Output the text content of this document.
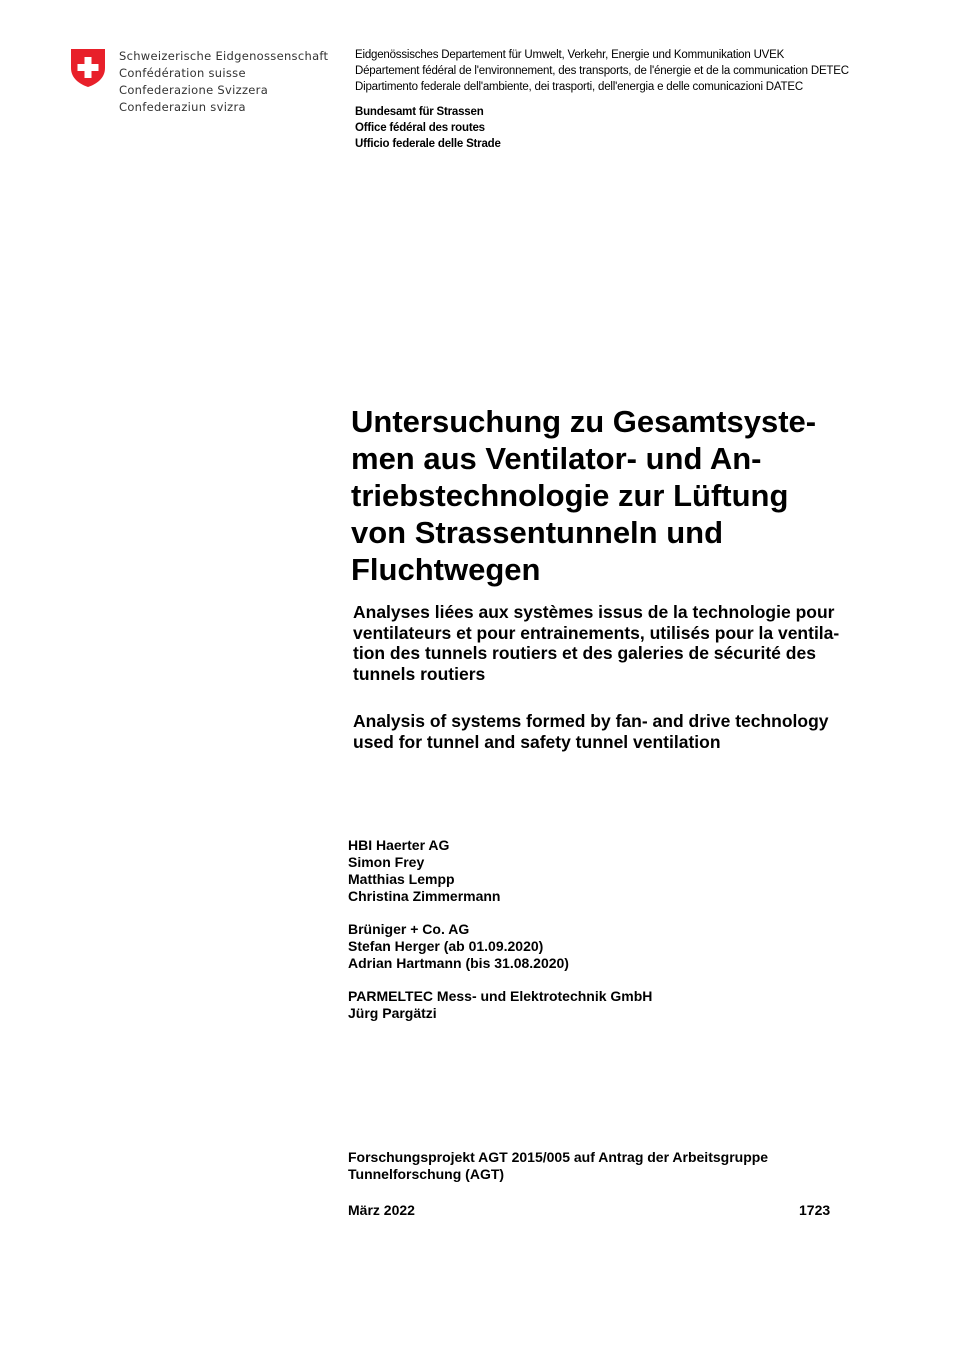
Schweizerische Eidgenossenschaft
Confédération suisse
Confederazione Svizzera
Confederaziun svizra
Eidgenössisches Departement für Umwelt, Verkehr, Energie und Kommunikation UVEK
Département fédéral de l'environnement, des transports, de l'énergie et de la communication DETEC
Dipartimento federale dell'ambiente, dei trasporti, dell'energia e delle comunicazioni DATEC
Bundesamt für Strassen
Office fédéral des routes
Ufficio federale delle Strade
Untersuchung zu Gesamtsyste-
men aus Ventilator- und An-
triebstechnologie zur Lüftung
von Strassentunneln und
Fluchtwegen
Analyses liées aux systèmes issus de la technologie pour
ventilateurs et pour entrainements, utilisés pour la ventila-
tion des tunnels routiers et des galeries de sécurité des
tunnels routiers
Analysis of systems formed by fan- and drive technology
used for tunnel and safety tunnel ventilation
HBI Haerter AG
Simon Frey
Matthias Lempp
Christina Zimmermann
Brüniger + Co. AG
Stefan Herger (ab 01.09.2020)
Adrian Hartmann (bis 31.08.2020)
PARMELTEC Mess- und Elektrotechnik GmbH
Jürg Pargätzi
Forschungsprojekt AGT 2015/005 auf Antrag der Arbeitsgruppe
Tunnelforschung (AGT)
März 2022	1723
